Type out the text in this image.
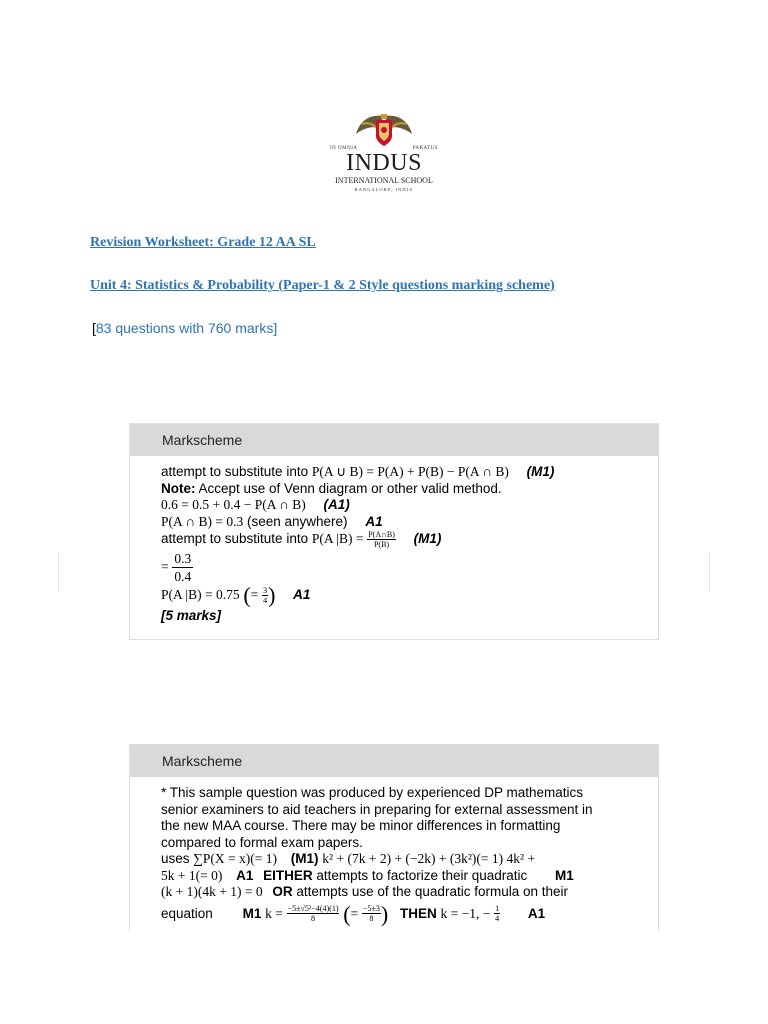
IN OMNIA	PARATUS
INDUS
INTERNATIONAL SCHOOL
BANGALORE, INDIA
Revision Worksheet: Grade 12 AA SL
Unit 4: Statistics & Probability (Paper-1 & 2 Style questions marking scheme)
[83 questions with 760 marks]
Markscheme
attempt to substitute into P(A ∪ B) = P(A) + P(B) − P(A ∩ B) (M1)
Note: Accept use of Venn diagram or other valid method.
0.6 = 0.5 + 0.4 − P(A ∩ B) (A1)
P(A ∩ B) = 0.3 (seen anywhere) A1
attempt to substitute into P(A $|B) = \frac{P(A\cap B)}{P(B)} (M1)$
= $\frac{0.3}{0.4}$
P(A |B) = 0.75 (= $\frac{3}{4}$ ) A1
[5 marks]
Markscheme
* This sample question was produced by experienced DP mathematics
senior examiners to aid teachers in preparing for external assessment in
the new MAA course. There may be minor differences in formatting
compared to formal exam papers.
uses ∑P(X = x)(= 1) (M1) k² + (7k + 2) + (−2k) + (3k²)(= 1) 4k² +
5k + 1(= 0) A1 EITHER attempts to factorize their quadratic M1
(k + 1)(4k + 1) = 0 OR attempts use of the quadratic formula on their
equation M1 $k = \frac{\text{−5±√5²−4(4)(1)}}{8}$ (= $\frac{-5\pm 3}{8}$ ) THEN k = −1, − $\frac{1}{4} A1$
